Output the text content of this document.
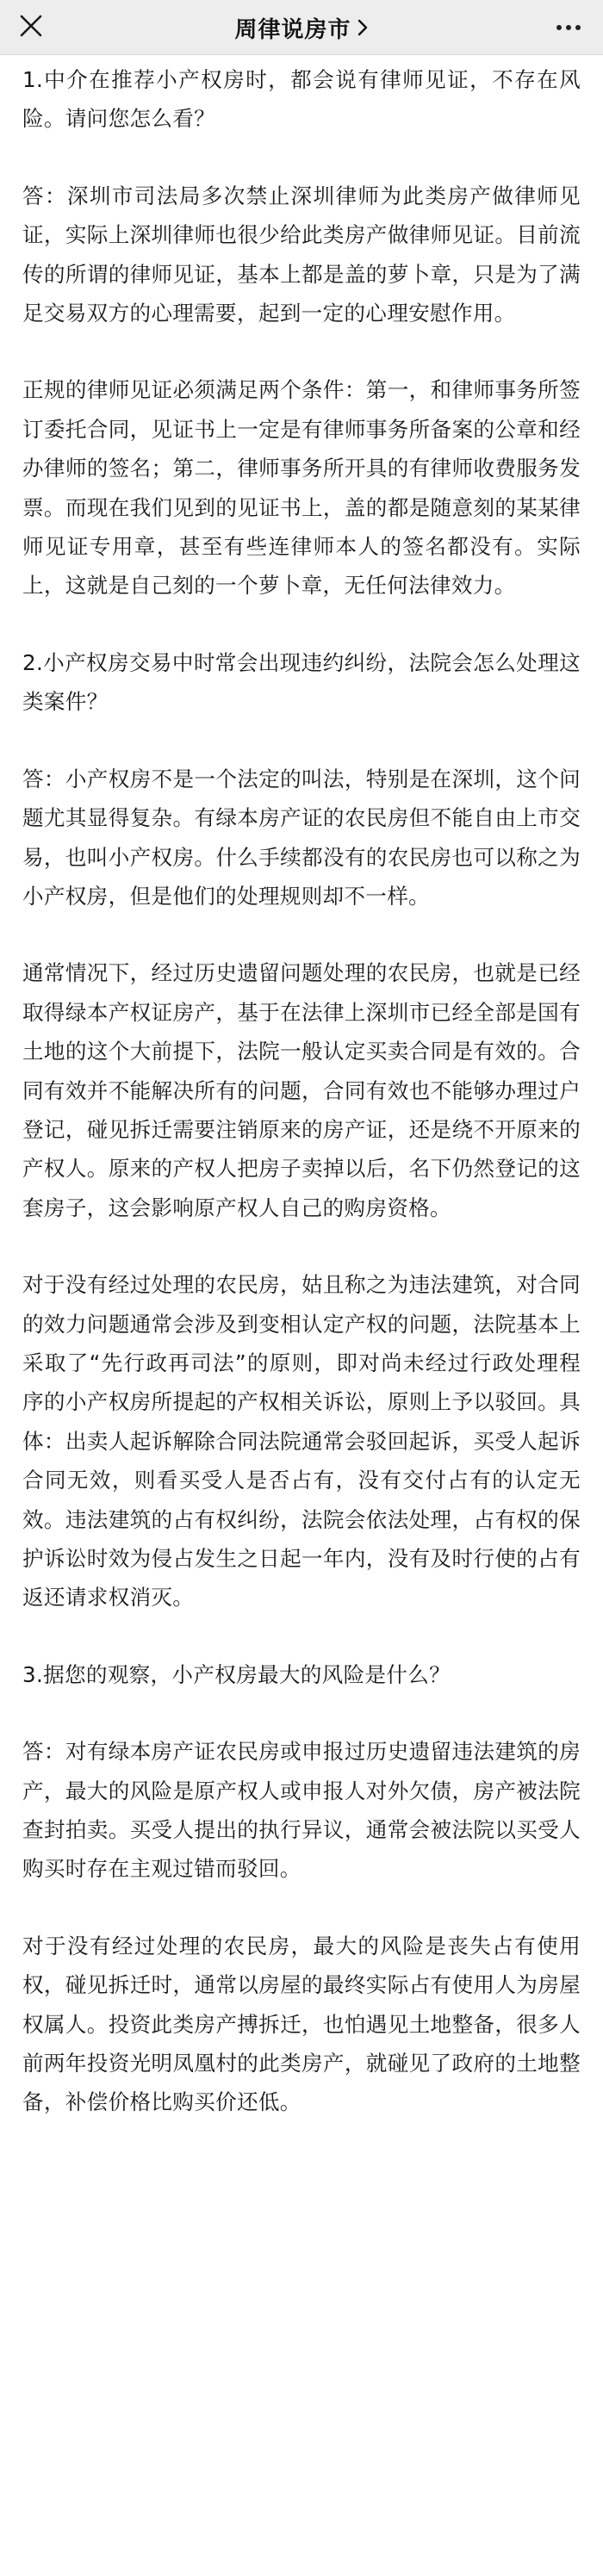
周律说房市

1.中介在推荐小产权房时，都会说有律师见证，不存在风险。请问您怎么看？

答：深圳市司法局多次禁止深圳律师为此类房产做律师见证，实际上深圳律师也很少给此类房产做律师见证。目前流传的所谓的律师见证，基本上都是盖的萝卜章，只是为了满足交易双方的心理需要，起到一定的心理安慰作用。

正规的律师见证必须满足两个条件：第一，和律师事务所签订委托合同，见证书上一定是有律师事务所备案的公章和经办律师的签名；第二，律师事务所开具的有律师收费服务发票。而现在我们见到的见证书上，盖的都是随意刻的某某律师见证专用章，甚至有些连律师本人的签名都没有。实际上，这就是自己刻的一个萝卜章，无任何法律效力。

2.小产权房交易中时常会出现违约纠纷，法院会怎么处理这类案件？

答：小产权房不是一个法定的叫法，特别是在深圳，这个问题尤其显得复杂。有绿本房产证的农民房但不能自由上市交易，也叫小产权房。什么手续都没有的农民房也可以称之为小产权房，但是他们的处理规则却不一样。

通常情况下，经过历史遗留问题处理的农民房，也就是已经取得绿本产权证房产，基于在法律上深圳市已经全部是国有土地的这个大前提下，法院一般认定买卖合同是有效的。合同有效并不能解决所有的问题，合同有效也不能够办理过户登记，碰见拆迁需要注销原来的房产证，还是绕不开原来的产权人。原来的产权人把房子卖掉以后，名下仍然登记的这套房子，这会影响原产权人自己的购房资格。

对于没有经过处理的农民房，姑且称之为违法建筑，对合同的效力问题通常会涉及到变相认定产权的问题，法院基本上采取了“先行政再司法”的原则，即对尚未经过行政处理程序的小产权房所提起的产权相关诉讼，原则上予以驳回。具体：出卖人起诉解除合同法院通常会驳回起诉，买受人起诉合同无效，则看买受人是否占有，没有交付占有的认定无效。违法建筑的占有权纠纷，法院会依法处理，占有权的保护诉讼时效为侵占发生之日起一年内，没有及时行使的占有返还请求权消灭。

3.据您的观察，小产权房最大的风险是什么？

答：对有绿本房产证农民房或申报过历史遗留违法建筑的房产，最大的风险是原产权人或申报人对外欠债，房产被法院查封拍卖。买受人提出的执行异议，通常会被法院以买受人购买时存在主观过错而驳回。

对于没有经过处理的农民房，最大的风险是丧失占有使用权，碰见拆迁时，通常以房屋的最终实际占有使用人为房屋权属人。投资此类房产搏拆迁，也怕遇见土地整备，很多人前两年投资光明凤凰村的此类房产，就碰见了政府的土地整备，补偿价格比购买价还低。
